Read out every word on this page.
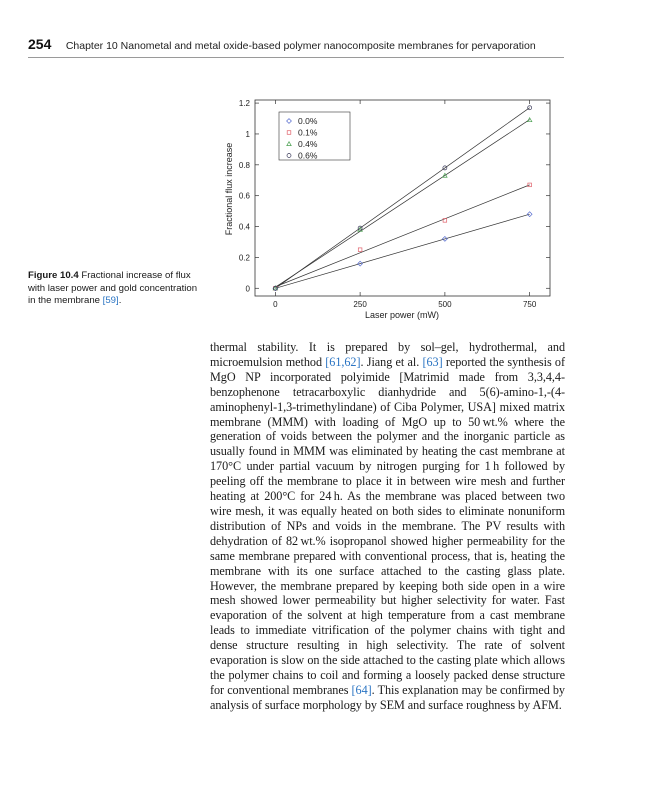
254 Chapter 10 Nanometal and metal oxide-based polymer nanocomposite membranes for pervaporation
0	250	500	750
0
0.2
0.4
0.6
0.8
1
1.2
Fractional flux increase
Laser power (mW)
0.0%
0.1%
0.4%
0.6%
Figure 10.4 Fractional increase of flux with laser power and gold concentration in the membrane [59].

thermal stability. It is prepared by sol–gel, hydrothermal, and microemulsion method [61,62]. Jiang et al. [63] reported the synthesis of MgO NP incorporated polyimide [Matrimid made from 3,3,4,4-benzophenone tetracarboxylic dianhydride and 5(6)-amino-1,-(4-aminophenyl-1,3-trimethylindane) of Ciba Polymer, USA] mixed matrix membrane (MMM) with loading of MgO up to 50 wt.% where the generation of voids between the polymer and the inorganic particle as usually found in MMM was eliminated by heating the cast membrane at 170°C under partial vacuum by nitrogen purging for 1 h followed by peeling off the membrane to place it in between wire mesh and further heating at 200°C for 24 h. As the membrane was placed between two wire mesh, it was equally heated on both sides to eliminate nonuniform distribution of NPs and voids in the membrane. The PV results with dehydration of 82 wt.% isopropanol showed higher permeability for the same membrane prepared with conventional process, that is, heating the membrane with its one surface attached to the casting glass plate. However, the membrane prepared by keeping both side open in a wire mesh showed lower permeability but higher selectivity for water. Fast evaporation of the solvent at high temperature from a cast membrane leads to immediate vitrification of the polymer chains with tight and dense structure resulting in high selectivity. The rate of solvent evaporation is slow on the side attached to the casting plate which allows the polymer chains to coil and forming a loosely packed dense structure for conventional membranes [64]. This explanation may be confirmed by analysis of surface morphology by SEM and surface roughness by AFM.
